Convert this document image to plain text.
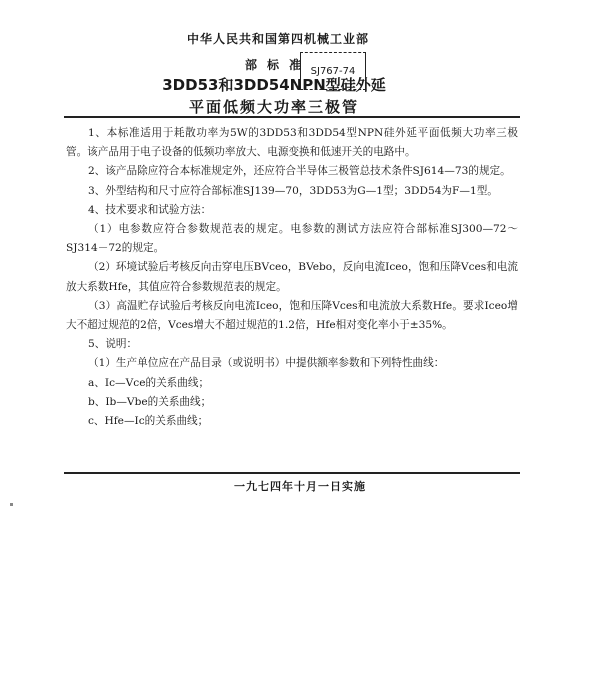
中华人民共和国第四机械工业部
部标准
3DD53和3DD54NPN型硅外延
平面低频大功率三极管
SJ767-74

1、本标准适用于耗散功率为5W的3DD53和3DD54型NPN硅外延平面低频大功率三极管。该产品用于电子设备的低频功率放大、电源变换和低速开关的电路中。

2、该产品除应符合本标准规定外，还应符合半导体三极管总技术条件SJ614—73的规定。

3、外型结构和尺寸应符合部标准SJ139—70，3DD53为G—1型；3DD54为F—1型。

4、技术要求和试验方法：

（1）电参数应符合参数规范表的规定。电参数的测试方法应符合部标准SJ300—72～SJ314－72的规定。

（2）环境试验后考核反向击穿电压BVceo，BVebo，反向电流Iceo，饱和压降Vces和电流放大系数Hfe，其值应符合参数规范表的规定。

（3）高温贮存试验后考核反向电流Iceo，饱和压降Vces和电流放大系数Hfe。要求Iceo增大不超过规范的2倍，Vces增大不超过规范的1.2倍，Hfe相对变化率小于±35%。

5、说明：

（1）生产单位应在产品目录（或说明书）中提供额率参数和下列特性曲线：

a、Ic—Vce的关系曲线；

b、Ib—Vbe的关系曲线；

c、Hfe—Ic的关系曲线；

一九七四年十月一日实施
